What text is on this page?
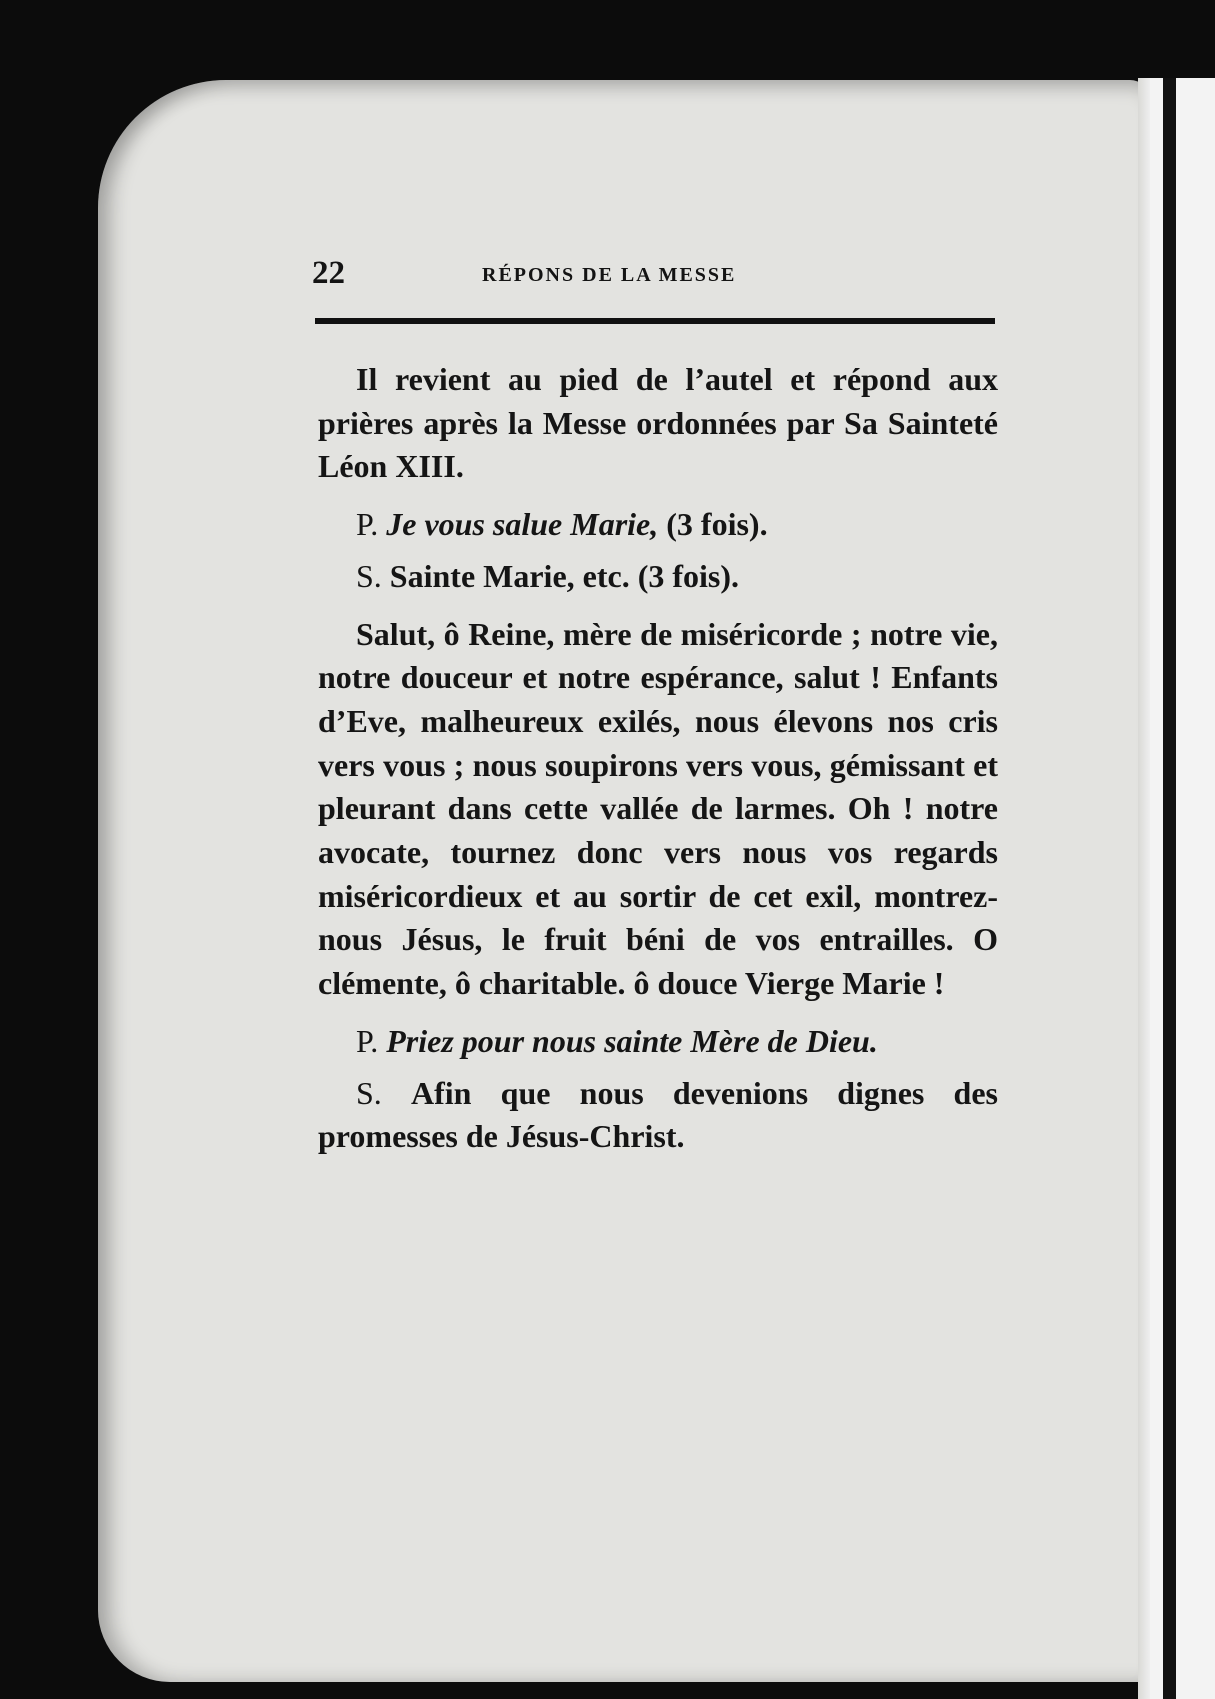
22	RÉPONS DE LA MESSE

Il revient au pied de l’autel et répond aux prières après la Messe ordonnées par Sa Sainteté Léon XIII.

P. Je vous salue Marie, (3 fois).

S. Sainte Marie, etc. (3 fois).

Salut, ô Reine, mère de miséricorde ; notre vie, notre douceur et notre espérance, salut ! Enfants d’Eve, malheureux exilés, nous élevons nos cris vers vous ; nous soupirons vers vous, gémissant et pleurant dans cette vallée de larmes. Oh ! notre avocate, tournez donc vers nous vos regards miséricordieux et au sortir de cet exil, montrez-nous Jésus, le fruit béni de vos entrailles. O clémente, ô charitable. ô douce Vierge Marie !

P. Priez pour nous sainte Mère de Dieu.

S. Afin que nous devenions dignes des promesses de Jésus-Christ.
